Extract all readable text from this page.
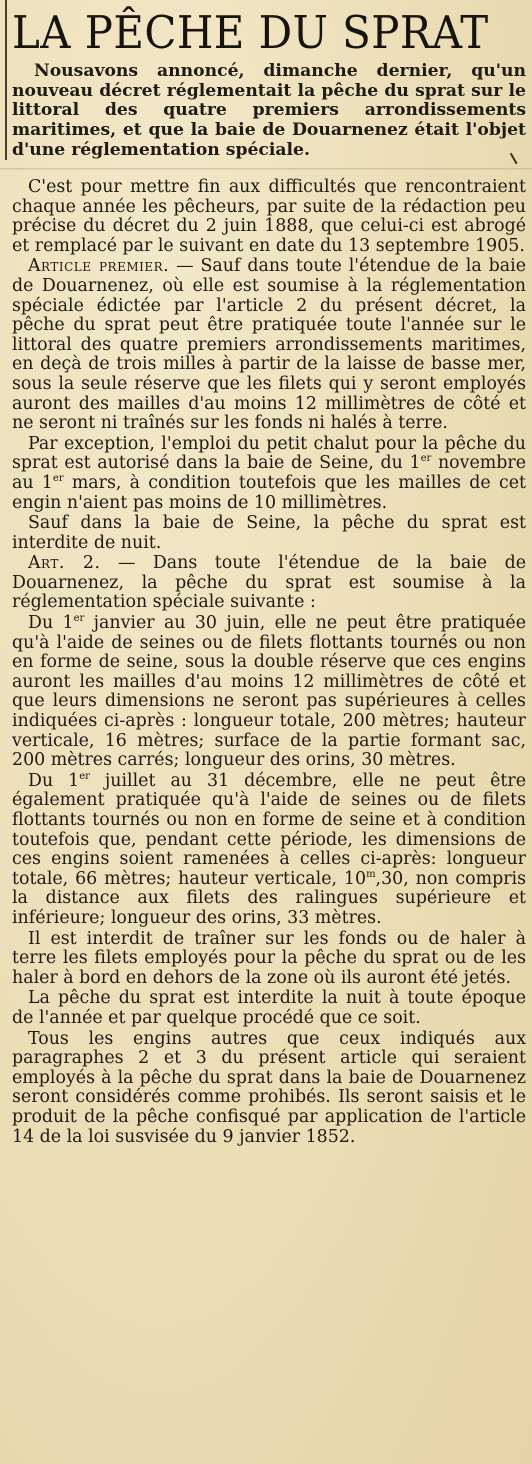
LA PÊCHE DU SPRAT

Nousavons annoncé, dimanche dernier, qu'un nouveau décret réglementait la pêche du sprat sur le littoral des quatre premiers arrondissements maritimes, et que la baie de Douarnenez était l'objet d'une réglementation spéciale.

C'est pour mettre fin aux difficultés que rencontraient chaque année les pêcheurs, par suite de la rédaction peu précise du décret du 2 juin 1888, que celui-ci est abrogé et remplacé par le suivant en date du 13 septembre 1905.

Article premier. — Sauf dans toute l'étendue de la baie de Douarnenez, où elle est soumise à la réglementation spéciale édictée par l'article 2 du présent décret, la pêche du sprat peut être pratiquée toute l'année sur le littoral des quatre premiers arrondissements maritimes, en deçà de trois milles à partir de la laisse de basse mer, sous la seule réserve que les filets qui y seront employés auront des mailles d'au moins 12 millimètres de côté et ne seront ni traînés sur les fonds ni halés à terre.

Par exception, l'emploi du petit chalut pour la pêche du sprat est autorisé dans la baie de Seine, du 1er novembre au 1er mars, à condition toutefois que les mailles de cet engin n'aient pas moins de 10 millimètres.

Sauf dans la baie de Seine, la pêche du sprat est interdite de nuit.

Art. 2. — Dans toute l'étendue de la baie de Douarnenez, la pêche du sprat est soumise à la réglementation spéciale suivante :

Du 1er janvier au 30 juin, elle ne peut être pratiquée qu'à l'aide de seines ou de filets flottants tournés ou non en forme de seine, sous la double réserve que ces engins auront les mailles d'au moins 12 millimètres de côté et que leurs dimensions ne seront pas supérieures à celles indiquées ci-après : longueur totale, 200 mètres; hauteur verticale, 16 mètres; surface de la partie formant sac, 200 mètres carrés; longueur des orins, 30 mètres.

Du 1er juillet au 31 décembre, elle ne peut être également pratiquée qu'à l'aide de seines ou de filets flottants tournés ou non en forme de seine et à condition toutefois que, pendant cette période, les dimensions de ces engins soient ramenées à celles ci-après: longueur totale, 66 mètres; hauteur verticale, 10$^m$,30, non compris la distance aux filets des ralingues supérieure et inférieure; longueur des orins, 33 mètres.

Il est interdit de traîner sur les fonds ou de haler à terre les filets employés pour la pêche du sprat ou de les haler à bord en dehors de la zone où ils auront été jetés.

La pêche du sprat est interdite la nuit à toute époque de l'année et par quelque procédé que ce soit.

Tous les engins autres que ceux indiqués aux paragraphes 2 et 3 du présent article qui seraient employés à la pêche du sprat dans la baie de Douarnenez seront considérés comme prohibés. Ils seront saisis et le produit de la pêche confisqué par application de l'article 14 de la loi susvisée du 9 janvier 1852.
